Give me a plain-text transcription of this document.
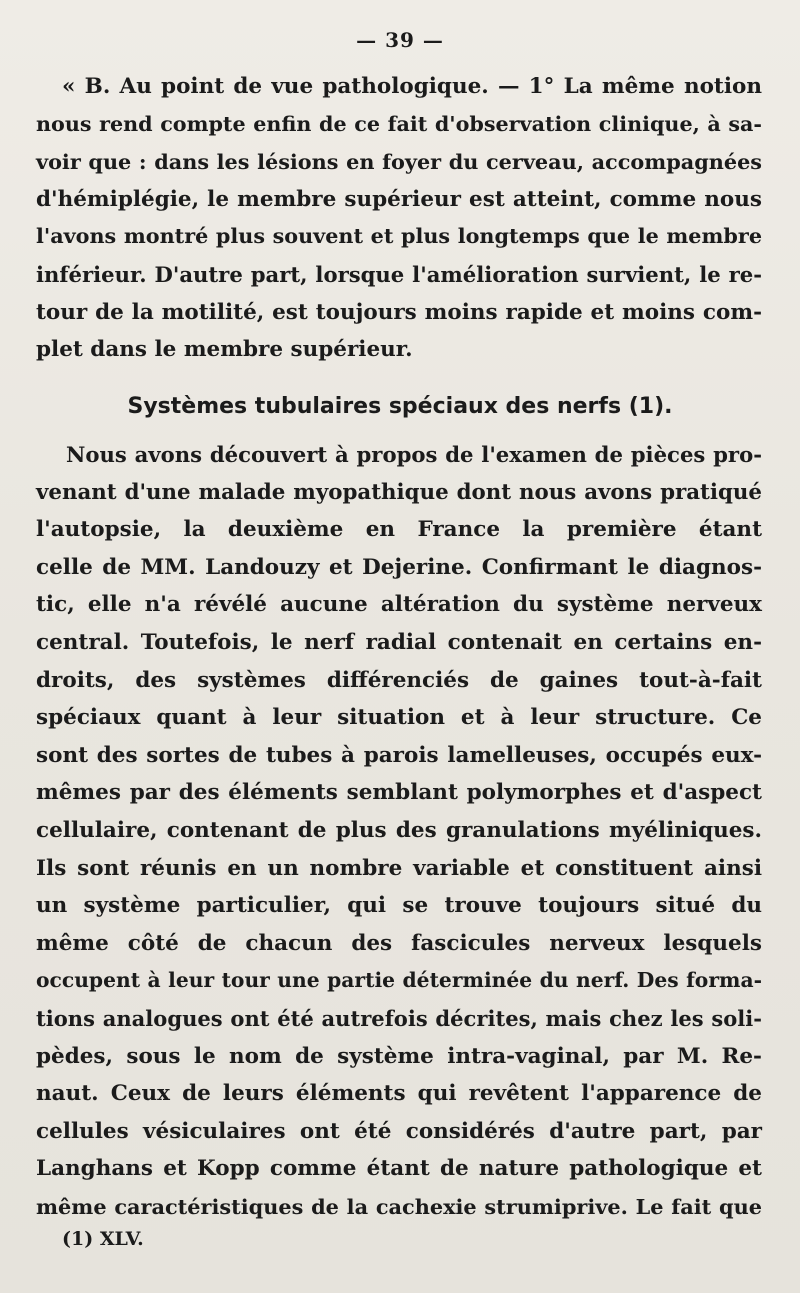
— 39 —
« B. Au point de vue pathologique. — 1° La même notion
nous rend compte enfin de ce fait d'observation clinique, à sa-
voir que : dans les lésions en foyer du cerveau, accompagnées
d'hémiplégie, le membre supérieur est atteint, comme nous
l'avons montré plus souvent et plus longtemps que le membre
inférieur. D'autre part, lorsque l'amélioration survient, le re-
tour de la motilité, est toujours moins rapide et moins com-
plet dans le membre supérieur.
Systèmes tubulaires spéciaux des nerfs (1).
Nous avons découvert à propos de l'examen de pièces pro-
venant d'une malade myopathique dont nous avons pratiqué
l'autopsie, la deuxième en France la première étant
celle de MM. Landouzy et Dejerine. Confirmant le diagnos-
tic, elle n'a révélé aucune altération du système nerveux
central. Toutefois, le nerf radial contenait en certains en-
droits, des systèmes différenciés de gaines tout-à-fait
spéciaux quant à leur situation et à leur structure. Ce
sont des sortes de tubes à parois lamelleuses, occupés eux-
mêmes par des éléments semblant polymorphes et d'aspect
cellulaire, contenant de plus des granulations myéliniques.
Ils sont réunis en un nombre variable et constituent ainsi
un système particulier, qui se trouve toujours situé du
même côté de chacun des fascicules nerveux lesquels
occupent à leur tour une partie déterminée du nerf. Des forma-
tions analogues ont été autrefois décrites, mais chez les soli-
pèdes, sous le nom de système intra-vaginal, par M. Re-
naut. Ceux de leurs éléments qui revêtent l'apparence de
cellules vésiculaires ont été considérés d'autre part, par
Langhans et Kopp comme étant de nature pathologique et
même caractéristiques de la cachexie strumiprive. Le fait que
(1) XLV.
